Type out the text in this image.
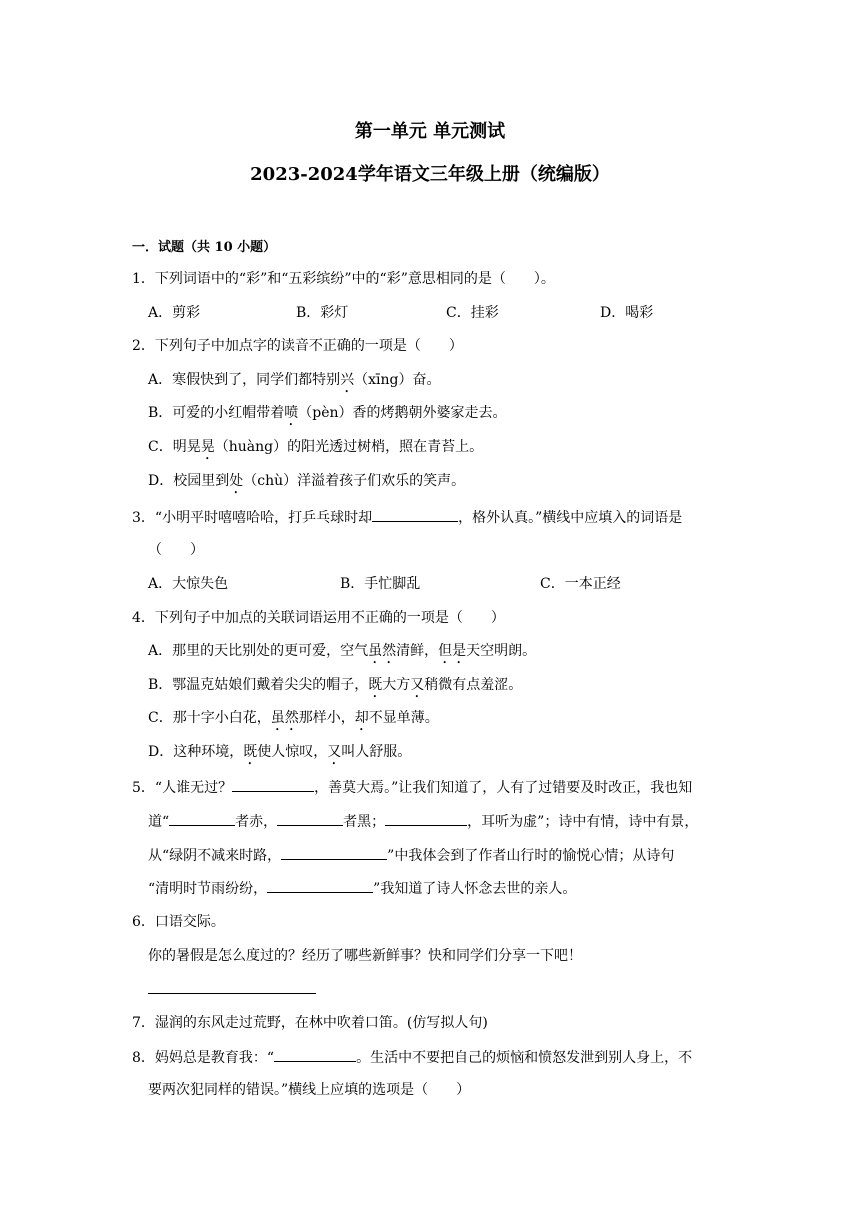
第一单元 单元测试
2023-2024学年语文三年级上册（统编版）
一．试题（共 10 小题）
1．下列词语中的“彩”和“五彩缤纷”中的“彩”意思相同的是（　　）。
A．剪彩	B．彩灯	C．挂彩	D．喝彩
2．下列句子中加点字的读音不正确的一项是（　　）
A．寒假快到了，同学们都特别兴（xīng）奋。
B．可爱的小红帽带着喷（pèn）香的烤鹅朝外婆家走去。
C．明晃晃（huàng）的阳光透过树梢，照在青苔上。
D．校园里到处（chù）洋溢着孩子们欢乐的笑声。
3．“小明平时嘻嘻哈哈，打乒乓球时却	，格外认真。”横线中应填入的词语是
（　　）
A．大惊失色	B．手忙脚乱	C．一本正经
4．下列句子中加点的关联词语运用不正确的一项是（　　）
A．那里的天比别处的更可爱，空气虽然清鲜，但是天空明朗。
B．鄂温克姑娘们戴着尖尖的帽子，既大方又稍微有点羞涩。
C．那十字小白花，虽然那样小，却不显单薄。
D．这种环境，既使人惊叹，又叫人舒服。
5．“人谁无过？	，善莫大焉。”让我们知道了，人有了过错要及时改正，我也知
道“	者赤，	者黑；	，耳听为虚”；诗中有情，诗中有景，
从“绿阴不减来时路，	”中我体会到了作者山行时的愉悦心情；从诗句
“清明时节雨纷纷，	”我知道了诗人怀念去世的亲人。
6．口语交际。
你的暑假是怎么度过的？经历了哪些新鲜事？快和同学们分享一下吧！
7．湿润的东风走过荒野，在林中吹着口笛。(仿写拟人句)
8．妈妈总是教育我：“	。生活中不要把自己的烦恼和愤怒发泄到别人身上，不
要两次犯同样的错误。”横线上应填的选项是（　　）
